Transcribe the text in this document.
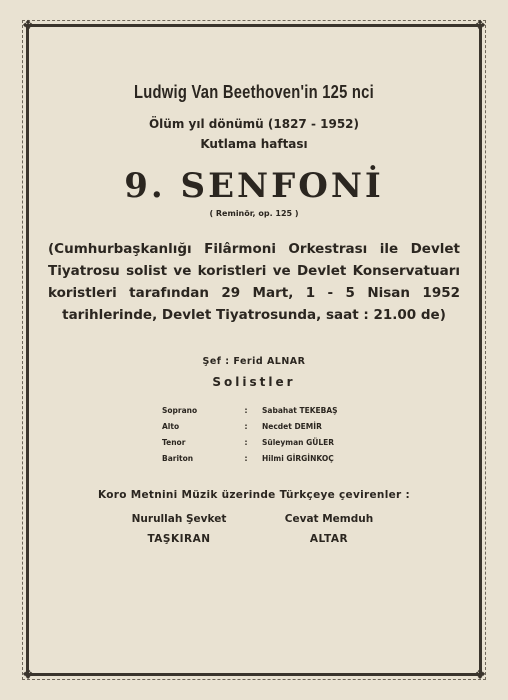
❖	❖
❖	❖
Ludwig Van Beethoven'in 125 nci
Ölüm yıl dönümü (1827 - 1952)
Kutlama haftası
9. SENFONİ
( Reminör, op. 125 )
(Cumhurbaşkanlığı Filârmoni Orkestrası ile Devlet Tiyatrosu solist ve koristleri ve Devlet Konservatuarı koristleri tarafından 29 Mart, 1 - 5 Nisan 1952 tarihlerinde, Devlet Tiyatrosunda, saat : 21.00 de)
Şef : Ferid ALNAR
Solistler
Soprano	:	Sabahat TEKEBAŞ
Alto	:	Necdet DEMİR
Tenor	:	Süleyman GÜLER
Bariton	:	Hilmi GİRGİNKOÇ
Koro Metnini Müzik üzerinde Türkçeye çevirenler :
Nurullah Şevket
TAŞKIRAN
Cevat Memduh
ALTAR
